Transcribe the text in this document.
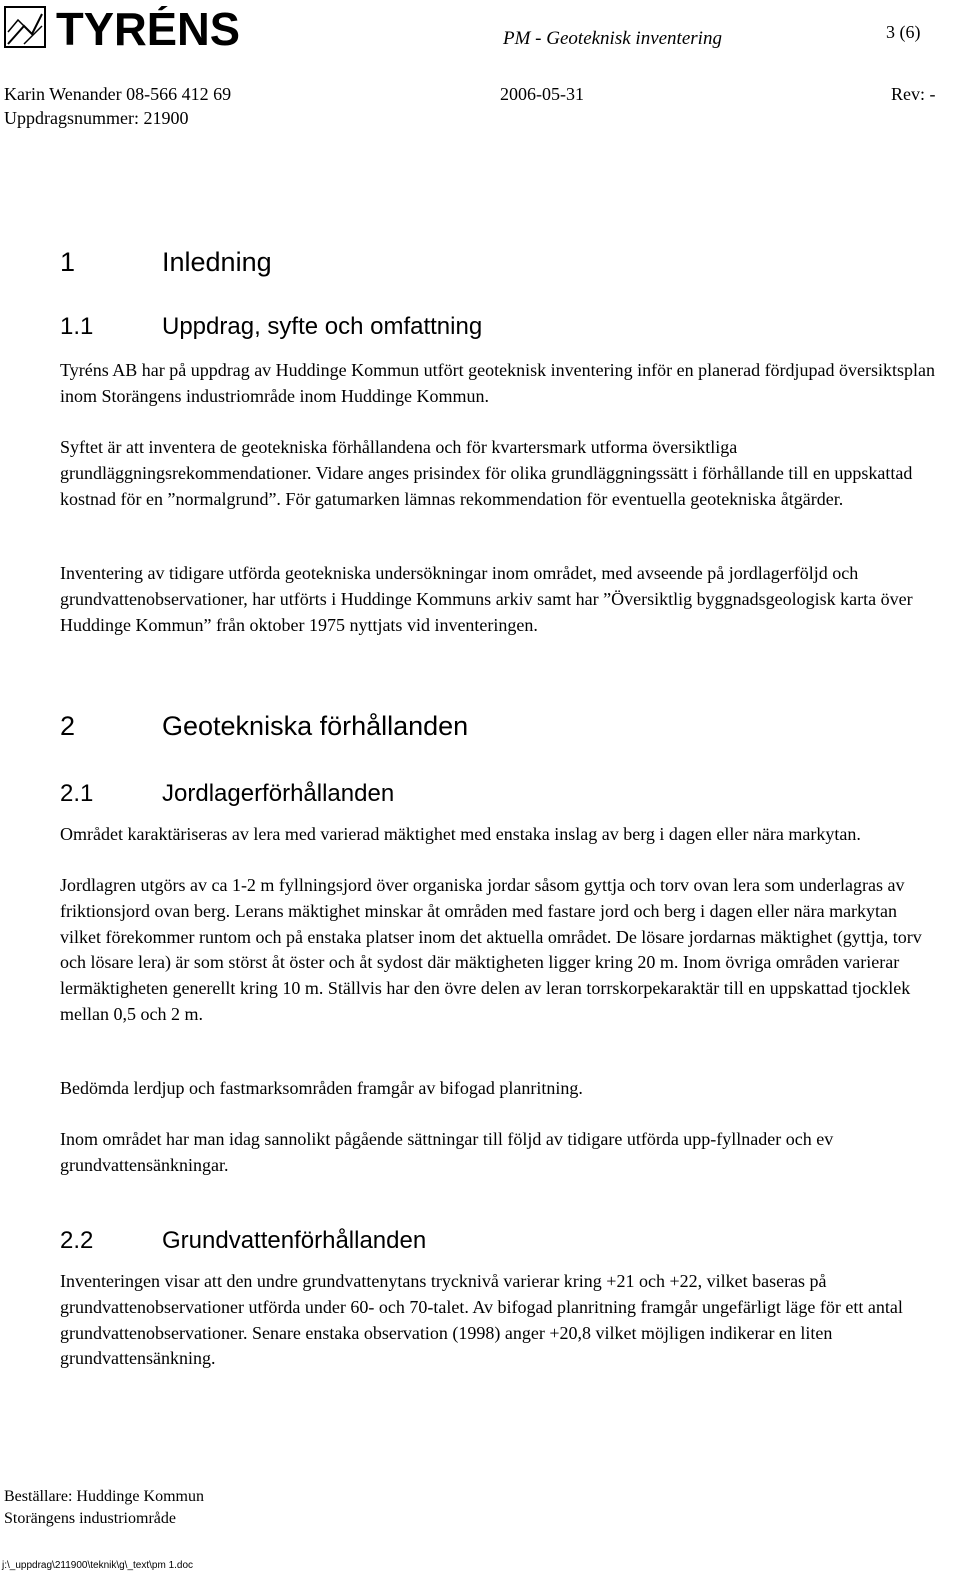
TYRÉNS	PM - Geoteknisk inventering	3 (6)
Karin Wenander 08-566 412 69	2006-05-31	Rev: -
Uppdragsnummer: 21900
1	Inledning
1.1	Uppdrag, syfte och omfattning

Tyréns AB har på uppdrag av Huddinge Kommun utfört geoteknisk inventering inför en planerad fördjupad översiktsplan inom Storängens industriområde inom Huddinge Kommun.

Syftet är att inventera de geotekniska förhållandena och för kvartersmark utforma översiktliga grundläggningsrekommendationer. Vidare anges prisindex för olika grundläggningssätt i förhållande till en uppskattad kostnad för en ”normalgrund”. För gatumarken lämnas rekommendation för eventuella geotekniska åtgärder.

Inventering av tidigare utförda geotekniska undersökningar inom området, med avseende på jordlagerföljd och grundvattenobservationer, har utförts i Huddinge Kommuns arkiv samt har ”Översiktlig byggnadsgeologisk karta över Huddinge Kommun” från oktober 1975 nyttjats vid inventeringen.

2	Geotekniska förhållanden
2.1	Jordlagerförhållanden

Området karaktäriseras av lera med varierad mäktighet med enstaka inslag av berg i dagen eller nära markytan.

Jordlagren utgörs av ca 1-2 m fyllningsjord över organiska jordar såsom gyttja och torv ovan lera som underlagras av friktionsjord ovan berg. Lerans mäktighet minskar åt områden med fastare jord och berg i dagen eller nära markytan vilket förekommer runtom och på enstaka platser inom det aktuella området. De lösare jordarnas mäktighet (gyttja, torv och lösare lera) är som störst åt öster och åt sydost där mäktigheten ligger kring 20 m. Inom övriga områden varierar lermäktigheten generellt kring 10 m. Ställvis har den övre delen av leran torrskorpekaraktär till en uppskattad tjocklek mellan 0,5 och 2 m.

Bedömda lerdjup och fastmarksområden framgår av bifogad planritning.

Inom området har man idag sannolikt pågående sättningar till följd av tidigare utförda upp-fyllnader och ev grundvattensänkningar.

2.2	Grundvattenförhållanden

Inventeringen visar att den undre grundvattenytans trycknivå varierar kring +21 och +22, vilket baseras på grundvattenobservationer utförda under 60- och 70-talet. Av bifogad planritning framgår ungefärligt läge för ett antal grundvattenobservationer. Senare enstaka observation (1998) anger +20,8 vilket möjligen indikerar en liten grundvattensänkning.

Beställare: Huddinge Kommun
Storängens industriområde
j:\_uppdrag\211900\teknik\g\_text\pm 1.doc
